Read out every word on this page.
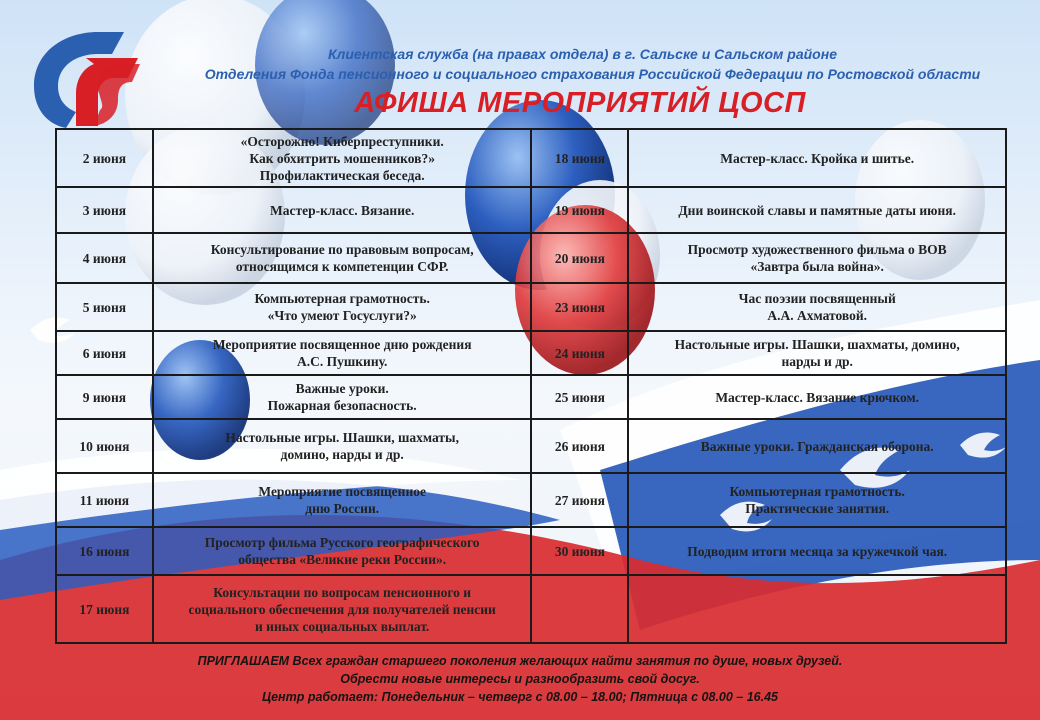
Клиентская служба (на правах отдела) в г. Сальске и Сальском районе
Отделения Фонда пенсионного и социального страхования Российской Федерации по Ростовской области
АФИША МЕРОПРИЯТИЙ ЦОСП
2 июня	«Осторожно! Киберпреступники.
Как обхитрить мошенников?»
Профилактическая беседа.	18 июня	Мастер-класс. Кройка и шитье.
3 июня	Мастер-класс. Вязание.	19 июня	Дни воинской славы и памятные даты июня.
4 июня	Консультирование по правовым вопросам,
относящимся к компетенции СФР.	20 июня	Просмотр художественного фильма о ВОВ
«Завтра была война».
5 июня	Компьютерная грамотность.
«Что умеют Госуслуги?»	23 июня	Час поэзии посвященный
А.А. Ахматовой.
6 июня	Мероприятие посвященное дню рождения
А.С. Пушкину.	24 июня	Настольные игры. Шашки, шахматы, домино,
нарды и др.
9 июня	Важные уроки.
Пожарная безопасность.	25 июня	Мастер-класс. Вязание крючком.
10 июня	Настольные игры. Шашки, шахматы,
домино, нарды и др.	26 июня	Важные уроки. Гражданская оборона.
11 июня	Мероприятие посвященное
дню России.	27 июня	Компьютерная грамотность.
Практические занятия.
16 июня	Просмотр фильма Русского географического
общества «Великие реки России».	30 июня	Подводим итоги месяца за кружечкой чая.
17 июня	Консультации по вопросам пенсионного и
социального обеспечения для получателей пенсии
и иных социальных выплат.		
ПРИГЛАШАЕМ Всех граждан старшего поколения желающих найти занятия по душе, новых друзей.
Обрести новые интересы и разнообразить свой досуг.
Центр работает: Понедельник – четверг с 08.00 – 18.00; Пятница с 08.00 – 16.45
